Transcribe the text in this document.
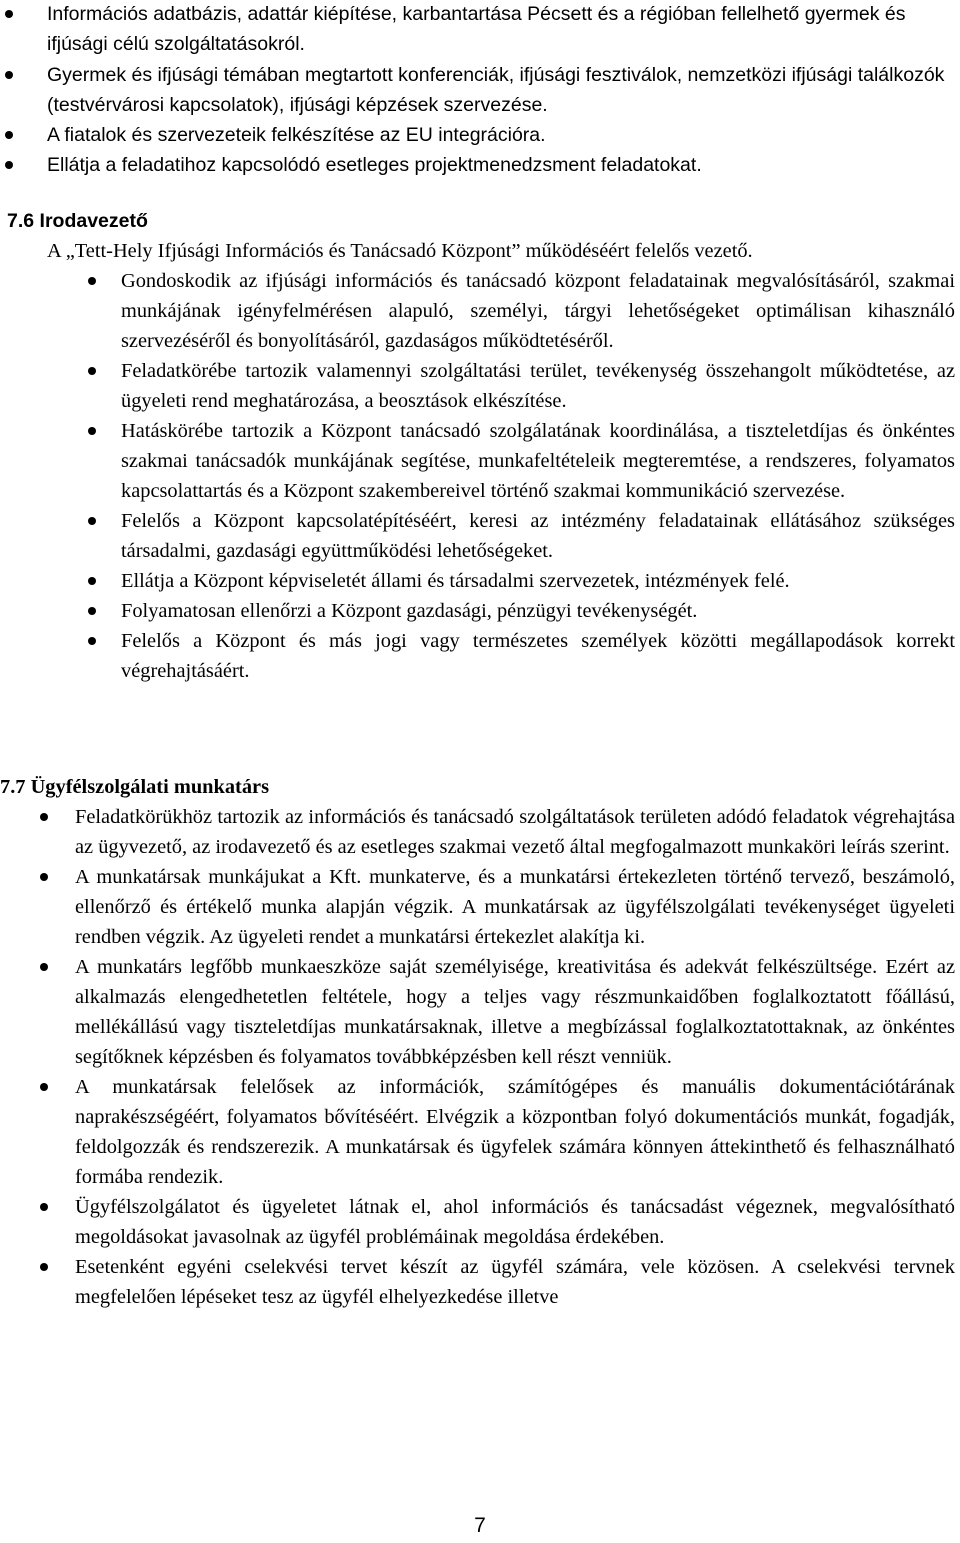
Információs adatbázis, adattár kiépítése, karbantartása Pécsett és a régióban fellelhető gyermek és ifjúsági célú szolgáltatásokról.
Gyermek és ifjúsági témában megtartott konferenciák, ifjúsági fesztiválok, nemzetközi ifjúsági találkozók (testvérvárosi kapcsolatok), ifjúsági képzések szervezése.
A fiatalok és szervezeteik felkészítése az EU integrációra.
Ellátja a feladatihoz kapcsolódó esetleges projektmenedzsment feladatokat.
7.6 Irodavezető
A „Tett-Hely Ifjúsági Információs és Tanácsadó Központ” működéséért felelős vezető.
Gondoskodik az ifjúsági információs és tanácsadó központ feladatainak megvalósításáról, szakmai munkájának igényfelmérésen alapuló, személyi, tárgyi lehetőségeket optimálisan kihasználó szervezéséről és bonyolításáról, gazdaságos működtetéséről.
Feladatkörébe tartozik valamennyi szolgáltatási terület, tevékenység összehangolt működtetése, az ügyeleti rend meghatározása, a beosztások elkészítése.
Hatáskörébe tartozik a Központ tanácsadó szolgálatának koordinálása, a tiszteletdíjas és önkéntes szakmai tanácsadók munkájának segítése, munkafeltételeik megteremtése, a rendszeres, folyamatos kapcsolattartás és a Központ szakembereivel történő szakmai kommunikáció szervezése.
Felelős a Központ kapcsolatépítéséért, keresi az intézmény feladatainak ellátásához szükséges társadalmi, gazdasági együttműködési lehetőségeket.
Ellátja a Központ képviseletét állami és társadalmi szervezetek, intézmények felé.
Folyamatosan ellenőrzi a Központ gazdasági, pénzügyi tevékenységét.
Felelős a Központ és más jogi vagy természetes személyek közötti megállapodások korrekt végrehajtásáért.
7.7 Ügyfélszolgálati munkatárs
Feladatkörükhöz tartozik az információs és tanácsadó szolgáltatások területen adódó feladatok végrehajtása az ügyvezető, az irodavezető és az esetleges szakmai vezető által megfogalmazott munkaköri leírás szerint.
A munkatársak munkájukat a Kft. munkaterve, és a munkatársi értekezleten történő tervező, beszámoló, ellenőrző és értékelő munka alapján végzik. A munkatársak az ügyfélszolgálati tevékenységet ügyeleti rendben végzik. Az ügyeleti rendet a munkatársi értekezlet alakítja ki.
A munkatárs legfőbb munkaeszköze saját személyisége, kreativitása és adekvát felkészültsége. Ezért az alkalmazás elengedhetetlen feltétele, hogy a teljes vagy részmunkaidőben foglalkoztatott főállású, mellékállású vagy tiszteletdíjas munkatársaknak, illetve a megbízással foglalkoztatottaknak, az önkéntes segítőknek képzésben és folyamatos továbbképzésben kell részt venniük.
A munkatársak felelősek az információk, számítógépes és manuális dokumentációtárának naprakészségéért, folyamatos bővítéséért. Elvégzik a központban folyó dokumentációs munkát, fogadják, feldolgozzák és rendszerezik. A munkatársak és ügyfelek számára könnyen áttekinthető és felhasználható formába rendezik.
Ügyfélszolgálatot és ügyeletet látnak el, ahol információs és tanácsadást végeznek, megvalósítható megoldásokat javasolnak az ügyfél problémáinak megoldása érdekében.
Esetenként egyéni cselekvési tervet készít az ügyfél számára, vele közösen. A cselekvési tervnek megfelelően lépéseket tesz az ügyfél elhelyezkedése illetve
7
